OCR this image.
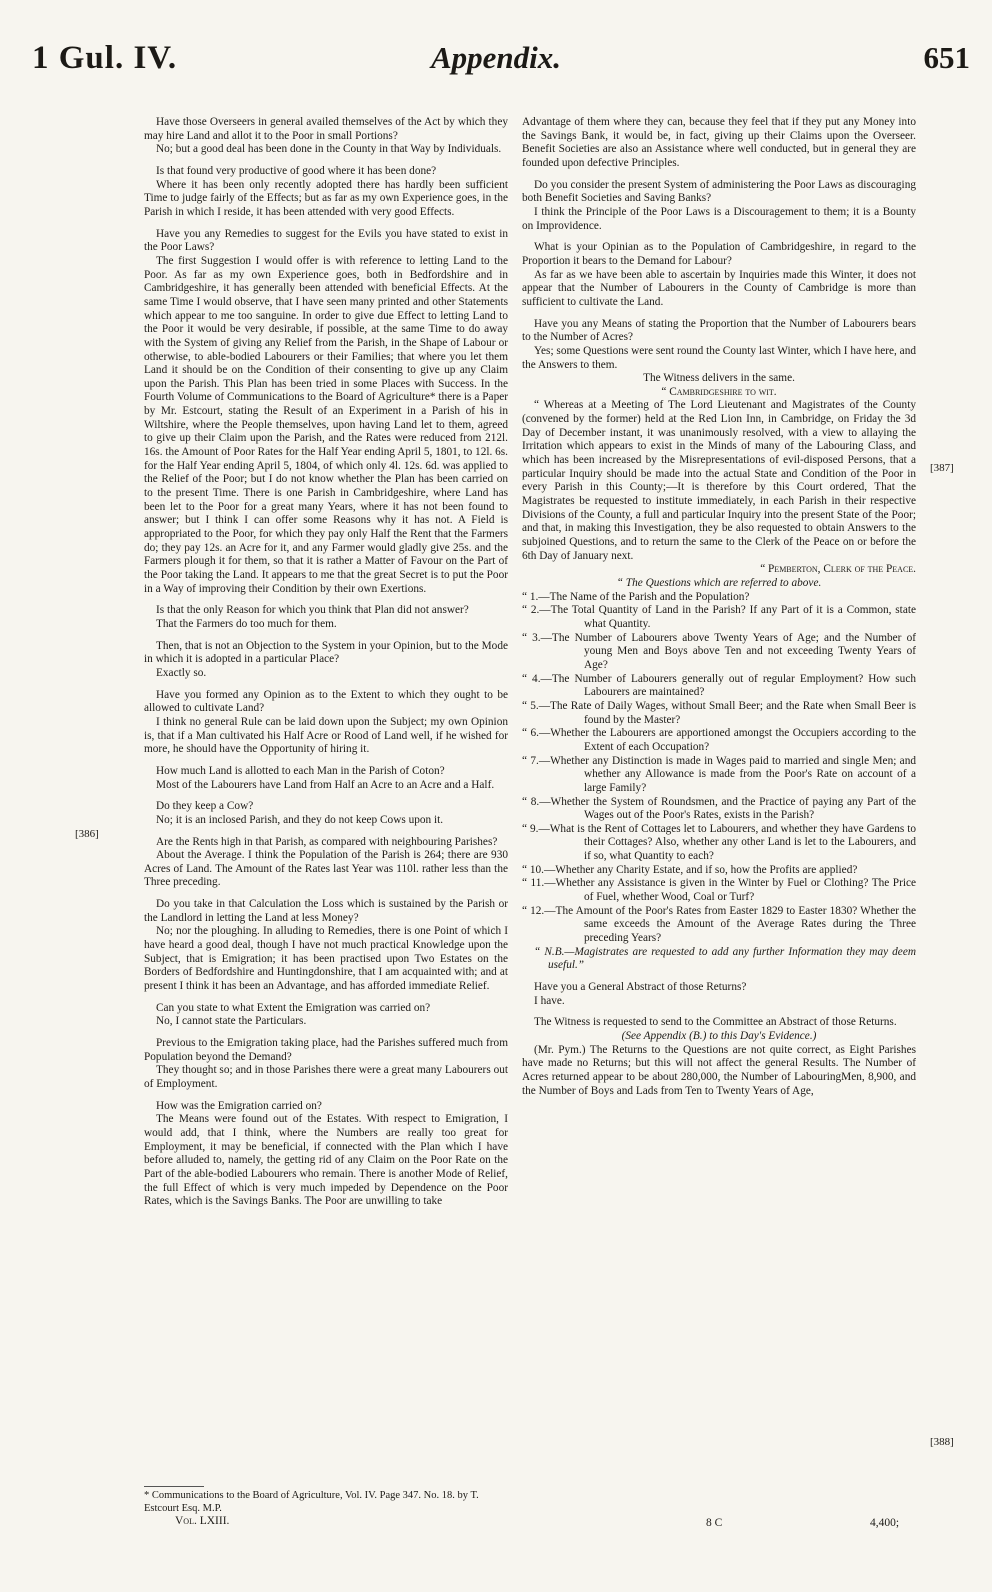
1 Gul. IV.	Appendix.	651

Have those Overseers in general availed themselves of the Act by which they may hire Land and allot it to the Poor in small Portions?

No; but a good deal has been done in the County in that Way by Individuals.

Is that found very productive of good where it has been done?

Where it has been only recently adopted there has hardly been sufficient Time to judge fairly of the Effects; but as far as my own Experience goes, in the Parish in which I reside, it has been attended with very good Effects.

Have you any Remedies to suggest for the Evils you have stated to exist in the Poor Laws?

The first Suggestion I would offer is with reference to letting Land to the Poor. As far as my own Experience goes, both in Bedfordshire and in Cambridgeshire, it has generally been attended with beneficial Effects. At the same Time I would observe, that I have seen many printed and other Statements which appear to me too sanguine. In order to give due Effect to letting Land to the Poor it would be very desirable, if possible, at the same Time to do away with the System of giving any Relief from the Parish, in the Shape of Labour or otherwise, to able-bodied Labourers or their Families; that where you let them Land it should be on the Condition of their consenting to give up any Claim upon the Parish. This Plan has been tried in some Places with Success. In the Fourth Volume of Communications to the Board of Agriculture* there is a Paper by Mr. Estcourt, stating the Result of an Experiment in a Parish of his in Wiltshire, where the People themselves, upon having Land let to them, agreed to give up their Claim upon the Parish, and the Rates were reduced from 212l. 16s. the Amount of Poor Rates for the Half Year ending April 5, 1801, to 12l. 6s. for the Half Year ending April 5, 1804, of which only 4l. 12s. 6d. was applied to the Relief of the Poor; but I do not know whether the Plan has been carried on to the present Time. There is one Parish in Cambridgeshire, where Land has been let to the Poor for a great many Years, where it has not been found to answer; but I think I can offer some Reasons why it has not. A Field is appropriated to the Poor, for which they pay only Half the Rent that the Farmers do; they pay 12s. an Acre for it, and any Farmer would gladly give 25s. and the Farmers plough it for them, so that it is rather a Matter of Favour on the Part of the Poor taking the Land. It appears to me that the great Secret is to put the Poor in a Way of improving their Condition by their own Exertions.

Is that the only Reason for which you think that Plan did not answer?

That the Farmers do too much for them.

Then, that is not an Objection to the System in your Opinion, but to the Mode in which it is adopted in a particular Place?

Exactly so.

Have you formed any Opinion as to the Extent to which they ought to be allowed to cultivate Land?

I think no general Rule can be laid down upon the Subject; my own Opinion is, that if a Man cultivated his Half Acre or Rood of Land well, if he wished for more, he should have the Opportunity of hiring it.

How much Land is allotted to each Man in the Parish of Coton?

Most of the Labourers have Land from Half an Acre to an Acre and a Half.

Do they keep a Cow?

No; it is an inclosed Parish, and they do not keep Cows upon it.

Are the Rents high in that Parish, as compared with neighbouring Parishes?

About the Average. I think the Population of the Parish is 264; there are 930 Acres of Land. The Amount of the Rates last Year was 110l. rather less than the Three preceding.

Do you take in that Calculation the Loss which is sustained by the Parish or the Landlord in letting the Land at less Money?

No; nor the ploughing. In alluding to Remedies, there is one Point of which I have heard a good deal, though I have not much practical Knowledge upon the Subject, that is Emigration; it has been practised upon Two Estates on the Borders of Bedfordshire and Huntingdonshire, that I am acquainted with; and at present I think it has been an Advantage, and has afforded immediate Relief.

Can you state to what Extent the Emigration was carried on?

No, I cannot state the Particulars.

Previous to the Emigration taking place, had the Parishes suffered much from Population beyond the Demand?

They thought so; and in those Parishes there were a great many Labourers out of Employment.

How was the Emigration carried on?

The Means were found out of the Estates. With respect to Emigration, I would add, that I think, where the Numbers are really too great for Employment, it may be beneficial, if connected with the Plan which I have before alluded to, namely, the getting rid of any Claim on the Poor Rate on the Part of the able-bodied Labourers who remain. There is another Mode of Relief, the full Effect of which is very much impeded by Dependence on the Poor Rates, which is the Savings Banks. The Poor are unwilling to take

Advantage of them where they can, because they feel that if they put any Money into the Savings Bank, it would be, in fact, giving up their Claims upon the Overseer. Benefit Societies are also an Assistance where well conducted, but in general they are founded upon defective Principles.

Do you consider the present System of administering the Poor Laws as discouraging both Benefit Societies and Saving Banks?

I think the Principle of the Poor Laws is a Discouragement to them; it is a Bounty on Improvidence.

What is your Opinian as to the Population of Cambridgeshire, in regard to the Proportion it bears to the Demand for Labour?

As far as we have been able to ascertain by Inquiries made this Winter, it does not appear that the Number of Labourers in the County of Cambridge is more than sufficient to cultivate the Land.

Have you any Means of stating the Proportion that the Number of Labourers bears to the Number of Acres?

Yes; some Questions were sent round the County last Winter, which I have here, and the Answers to them.

The Witness delivers in the same.

“ Cambridgeshire to wit.

“ Whereas at a Meeting of The Lord Lieutenant and Magistrates of the County (convened by the former) held at the Red Lion Inn, in Cambridge, on Friday the 3d Day of December instant, it was unanimously resolved, with a view to allaying the Irritation which appears to exist in the Minds of many of the Labouring Class, and which has been increased by the Misrepresentations of evil-disposed Persons, that a particular Inquiry should be made into the actual State and Condition of the Poor in every Parish in this County;—It is therefore by this Court ordered, That the Magistrates be requested to institute immediately, in each Parish in their respective Divisions of the County, a full and particular Inquiry into the present State of the Poor; and that, in making this Investigation, they be also requested to obtain Answers to the subjoined Questions, and to return the same to the Clerk of the Peace on or before the 6th Day of January next.

“ Pemberton, Clerk of the Peace.

“ The Questions which are referred to above.

“ 1.—The Name of the Parish and the Population?

“ 2.—The Total Quantity of Land in the Parish? If any Part of it is a Common, state what Quantity.

“ 3.—The Number of Labourers above Twenty Years of Age; and the Number of young Men and Boys above Ten and not exceeding Twenty Years of Age?

“ 4.—The Number of Labourers generally out of regular Employment? How such Labourers are maintained?

“ 5.—The Rate of Daily Wages, without Small Beer; and the Rate when Small Beer is found by the Master?

“ 6.—Whether the Labourers are apportioned amongst the Occupiers according to the Extent of each Occupation?

“ 7.—Whether any Distinction is made in Wages paid to married and single Men; and whether any Allowance is made from the Poor's Rate on account of a large Family?

“ 8.—Whether the System of Roundsmen, and the Practice of paying any Part of the Wages out of the Poor's Rates, exists in the Parish?

“ 9.—What is the Rent of Cottages let to Labourers, and whether they have Gardens to their Cottages? Also, whether any other Land is let to the Labourers, and if so, what Quantity to each?

“ 10.—Whether any Charity Estate, and if so, how the Profits are applied?

“ 11.—Whether any Assistance is given in the Winter by Fuel or Clothing? The Price of Fuel, whether Wood, Coal or Turf?

“ 12.—The Amount of the Poor's Rates from Easter 1829 to Easter 1830? Whether the same exceeds the Amount of the Average Rates during the Three preceding Years?

“ N.B.—Magistrates are requested to add any further Information they may deem useful.”

Have you a General Abstract of those Returns?

I have.

The Witness is requested to send to the Committee an Abstract of those Returns.

(See Appendix (B.) to this Day's Evidence.)

(Mr. Pym.) The Returns to the Questions are not quite correct, as Eight Parishes have made no Returns; but this will not affect the general Results. The Number of Acres returned appear to be about 280,000, the Number of LabouringMen, 8,900, and the Number of Boys and Lads from Ten to Twenty Years of Age,

[386]
[387]
[388]
* Communications to the Board of Agriculture, Vol. IV. Page 347. No. 18. by T. Estcourt Esq. M.P.
Vol. LXIII.	8 C	4,400;
